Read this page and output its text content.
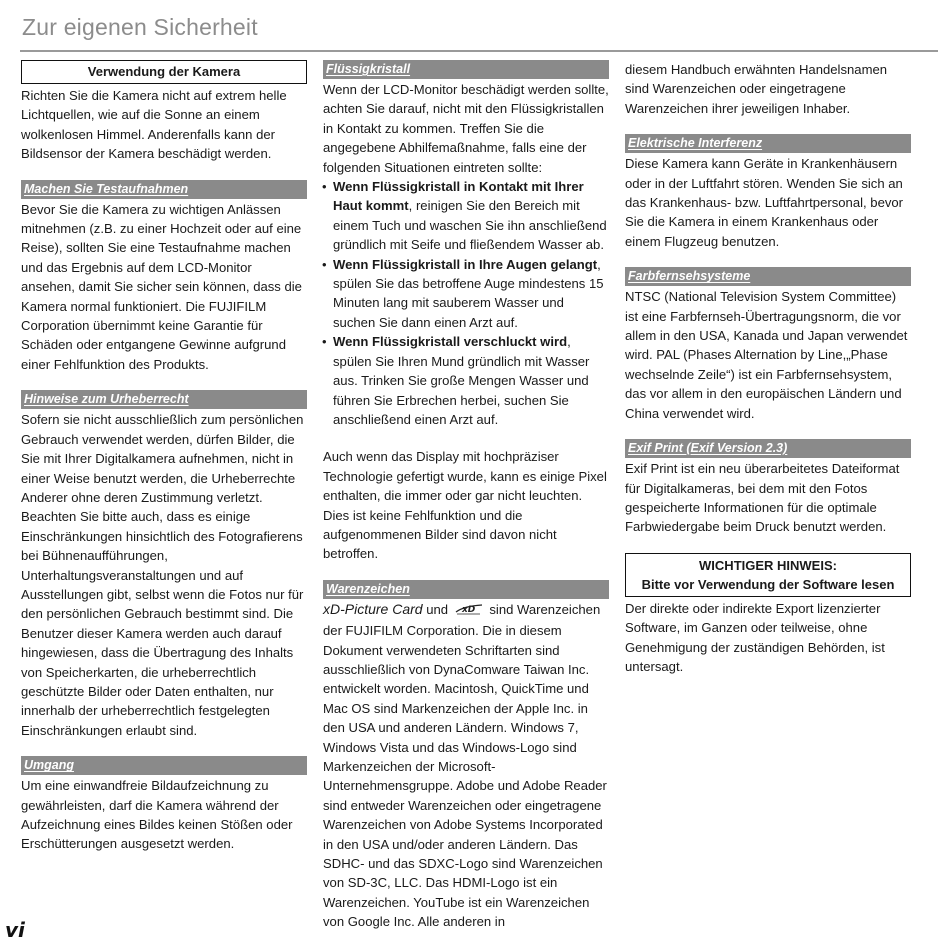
Zur eigenen Sicherheit
Verwendung der Kamera

Richten Sie die Kamera nicht auf extrem helle Lichtquellen, wie auf die Sonne an einem wolkenlosen Himmel. Anderenfalls kann der Bildsensor der Kamera beschädigt werden.

Machen Sie Testaufnahmen

Bevor Sie die Kamera zu wichtigen Anlässen mitnehmen (z.B. zu einer Hochzeit oder auf eine Reise), sollten Sie eine Testaufnahme machen und das Ergebnis auf dem LCD-Monitor ansehen, damit Sie sicher sein können, dass die Kamera normal funktioniert. Die FUJIFILM Corporation übernimmt keine Garantie für Schäden oder entgangene Gewinne aufgrund einer Fehlfunktion des Produkts.

Hinweise zum Urheberrecht

Sofern sie nicht ausschließlich zum persönlichen Gebrauch verwendet werden, dürfen Bilder, die Sie mit Ihrer Digitalkamera aufnehmen, nicht in einer Weise benutzt werden, die Urheberrechte Anderer ohne deren Zustimmung verletzt. Beachten Sie bitte auch, dass es einige Einschränkungen hinsichtlich des Fotografierens bei Bühnenaufführungen, Unterhaltungsveranstaltungen und auf Ausstellungen gibt, selbst wenn die Fotos nur für den persönlichen Gebrauch bestimmt sind. Die Benutzer dieser Kamera werden auch darauf hingewiesen, dass die Übertragung des Inhalts von Speicherkarten, die urheberrechtlich geschützte Bilder oder Daten enthalten, nur innerhalb der urheberrechtlich festgelegten Einschränkungen erlaubt sind.

Umgang

Um eine einwandfreie Bildaufzeichnung zu gewährleisten, darf die Kamera während der Aufzeichnung eines Bildes keinen Stößen oder Erschütterungen ausgesetzt werden.

Flüssigkristall

Wenn der LCD-Monitor beschädigt werden sollte, achten Sie darauf, nicht mit den Flüssigkristallen in Kontakt zu kommen. Treffen Sie die angegebene Abhilfemaßnahme, falls eine der folgenden Situationen eintreten sollte:

• Wenn Flüssigkristall in Kontakt mit Ihrer Haut kommt, reinigen Sie den Bereich mit einem Tuch und waschen Sie ihn anschließend gründlich mit Seife und fließendem Wasser ab.
• Wenn Flüssigkristall in Ihre Augen gelangt, spülen Sie das betroffene Auge mindestens 15 Minuten lang mit sauberem Wasser und suchen Sie dann einen Arzt auf.
• Wenn Flüssigkristall verschluckt wird, spülen Sie Ihren Mund gründlich mit Wasser aus. Trinken Sie große Mengen Wasser und führen Sie Erbrechen herbei, suchen Sie anschließend einen Arzt auf.

Auch wenn das Display mit hochpräziser Technologie gefertigt wurde, kann es einige Pixel enthalten, die immer oder gar nicht leuchten. Dies ist keine Fehlfunktion und die aufgenommenen Bilder sind davon nicht betroffen.

Warenzeichen

xD-Picture Card und xD sind Warenzeichen der FUJIFILM Corporation. Die in diesem Dokument verwendeten Schriftarten sind ausschließlich von DynaComware Taiwan Inc. entwickelt worden. Macintosh, QuickTime und Mac OS sind Markenzeichen der Apple Inc. in den USA und anderen Ländern. Windows 7, Windows Vista und das Windows-Logo sind Markenzeichen der Microsoft-Unternehmensgruppe. Adobe und Adobe Reader sind entweder Warenzeichen oder eingetragene Warenzeichen von Adobe Systems Incorporated in den USA und/oder anderen Ländern. Das SDHC- und das SDXC-Logo sind Warenzeichen von SD-3C, LLC. Das HDMI-Logo ist ein Warenzeichen. YouTube ist ein Warenzeichen von Google Inc. Alle anderen in

diesem Handbuch erwähnten Handelsnamen sind Warenzeichen oder eingetragene Warenzeichen ihrer jeweiligen Inhaber.

Elektrische Interferenz

Diese Kamera kann Geräte in Krankenhäusern oder in der Luftfahrt stören. Wenden Sie sich an das Krankenhaus- bzw. Luftfahrtpersonal, bevor Sie die Kamera in einem Krankenhaus oder einem Flugzeug benutzen.

Farbfernsehsysteme

NTSC (National Television System Committee) ist eine Farbfernseh-Übertragungsnorm, die vor allem in den USA, Kanada und Japan verwendet wird. PAL (Phases Alternation by Line,„Phase wechselnde Zeile“) ist ein Farbfernsehsystem, das vor allem in den europäischen Ländern und China verwendet wird.

Exif Print (Exif Version 2.3)

Exif Print ist ein neu überarbeitetes Dateiformat für Digitalkameras, bei dem mit den Fotos gespeicherte Informationen für die optimale Farbwiedergabe beim Druck benutzt werden.

WICHTIGER HINWEIS:
Bitte vor Verwendung der Software lesen

Der direkte oder indirekte Export lizenzierter Software, im Ganzen oder teilweise, ohne Genehmigung der zuständigen Behörden, ist untersagt.

vi
